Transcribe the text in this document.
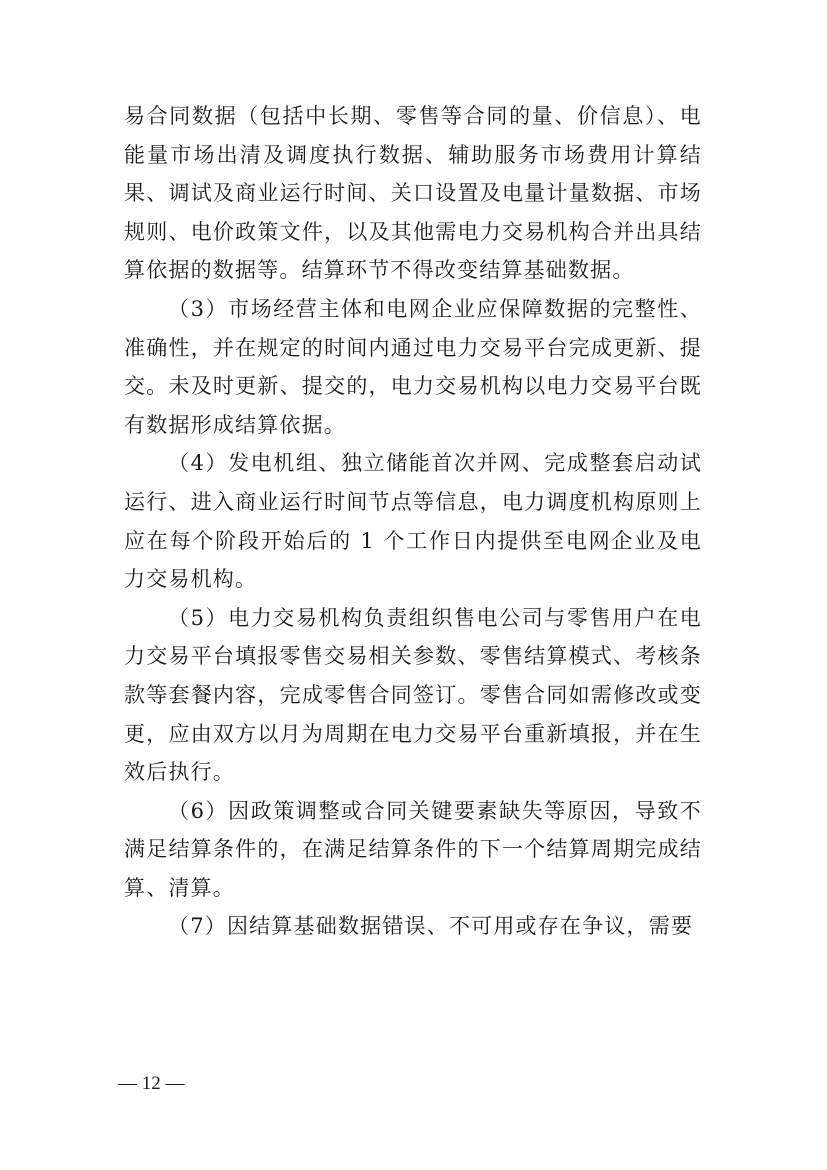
易合同数据（包括中长期、零售等合同的量、价信息）、电能量市场出清及调度执行数据、辅助服务市场费用计算结果、调试及商业运行时间、关口设置及电量计量数据、市场规则、电价政策文件，以及其他需电力交易机构合并出具结算依据的数据等。结算环节不得改变结算基础数据。

（3）市场经营主体和电网企业应保障数据的完整性、准确性，并在规定的时间内通过电力交易平台完成更新、提交。未及时更新、提交的，电力交易机构以电力交易平台既有数据形成结算依据。

（4）发电机组、独立储能首次并网、完成整套启动试运行、进入商业运行时间节点等信息，电力调度机构原则上应在每个阶段开始后的 1 个工作日内提供至电网企业及电力交易机构。

（5）电力交易机构负责组织售电公司与零售用户在电力交易平台填报零售交易相关参数、零售结算模式、考核条款等套餐内容，完成零售合同签订。零售合同如需修改或变更，应由双方以月为周期在电力交易平台重新填报，并在生效后执行。

（6）因政策调整或合同关键要素缺失等原因，导致不满足结算条件的，在满足结算条件的下一个结算周期完成结算、清算。

（7）因结算基础数据错误、不可用或存在争议，需要

— 12 —
